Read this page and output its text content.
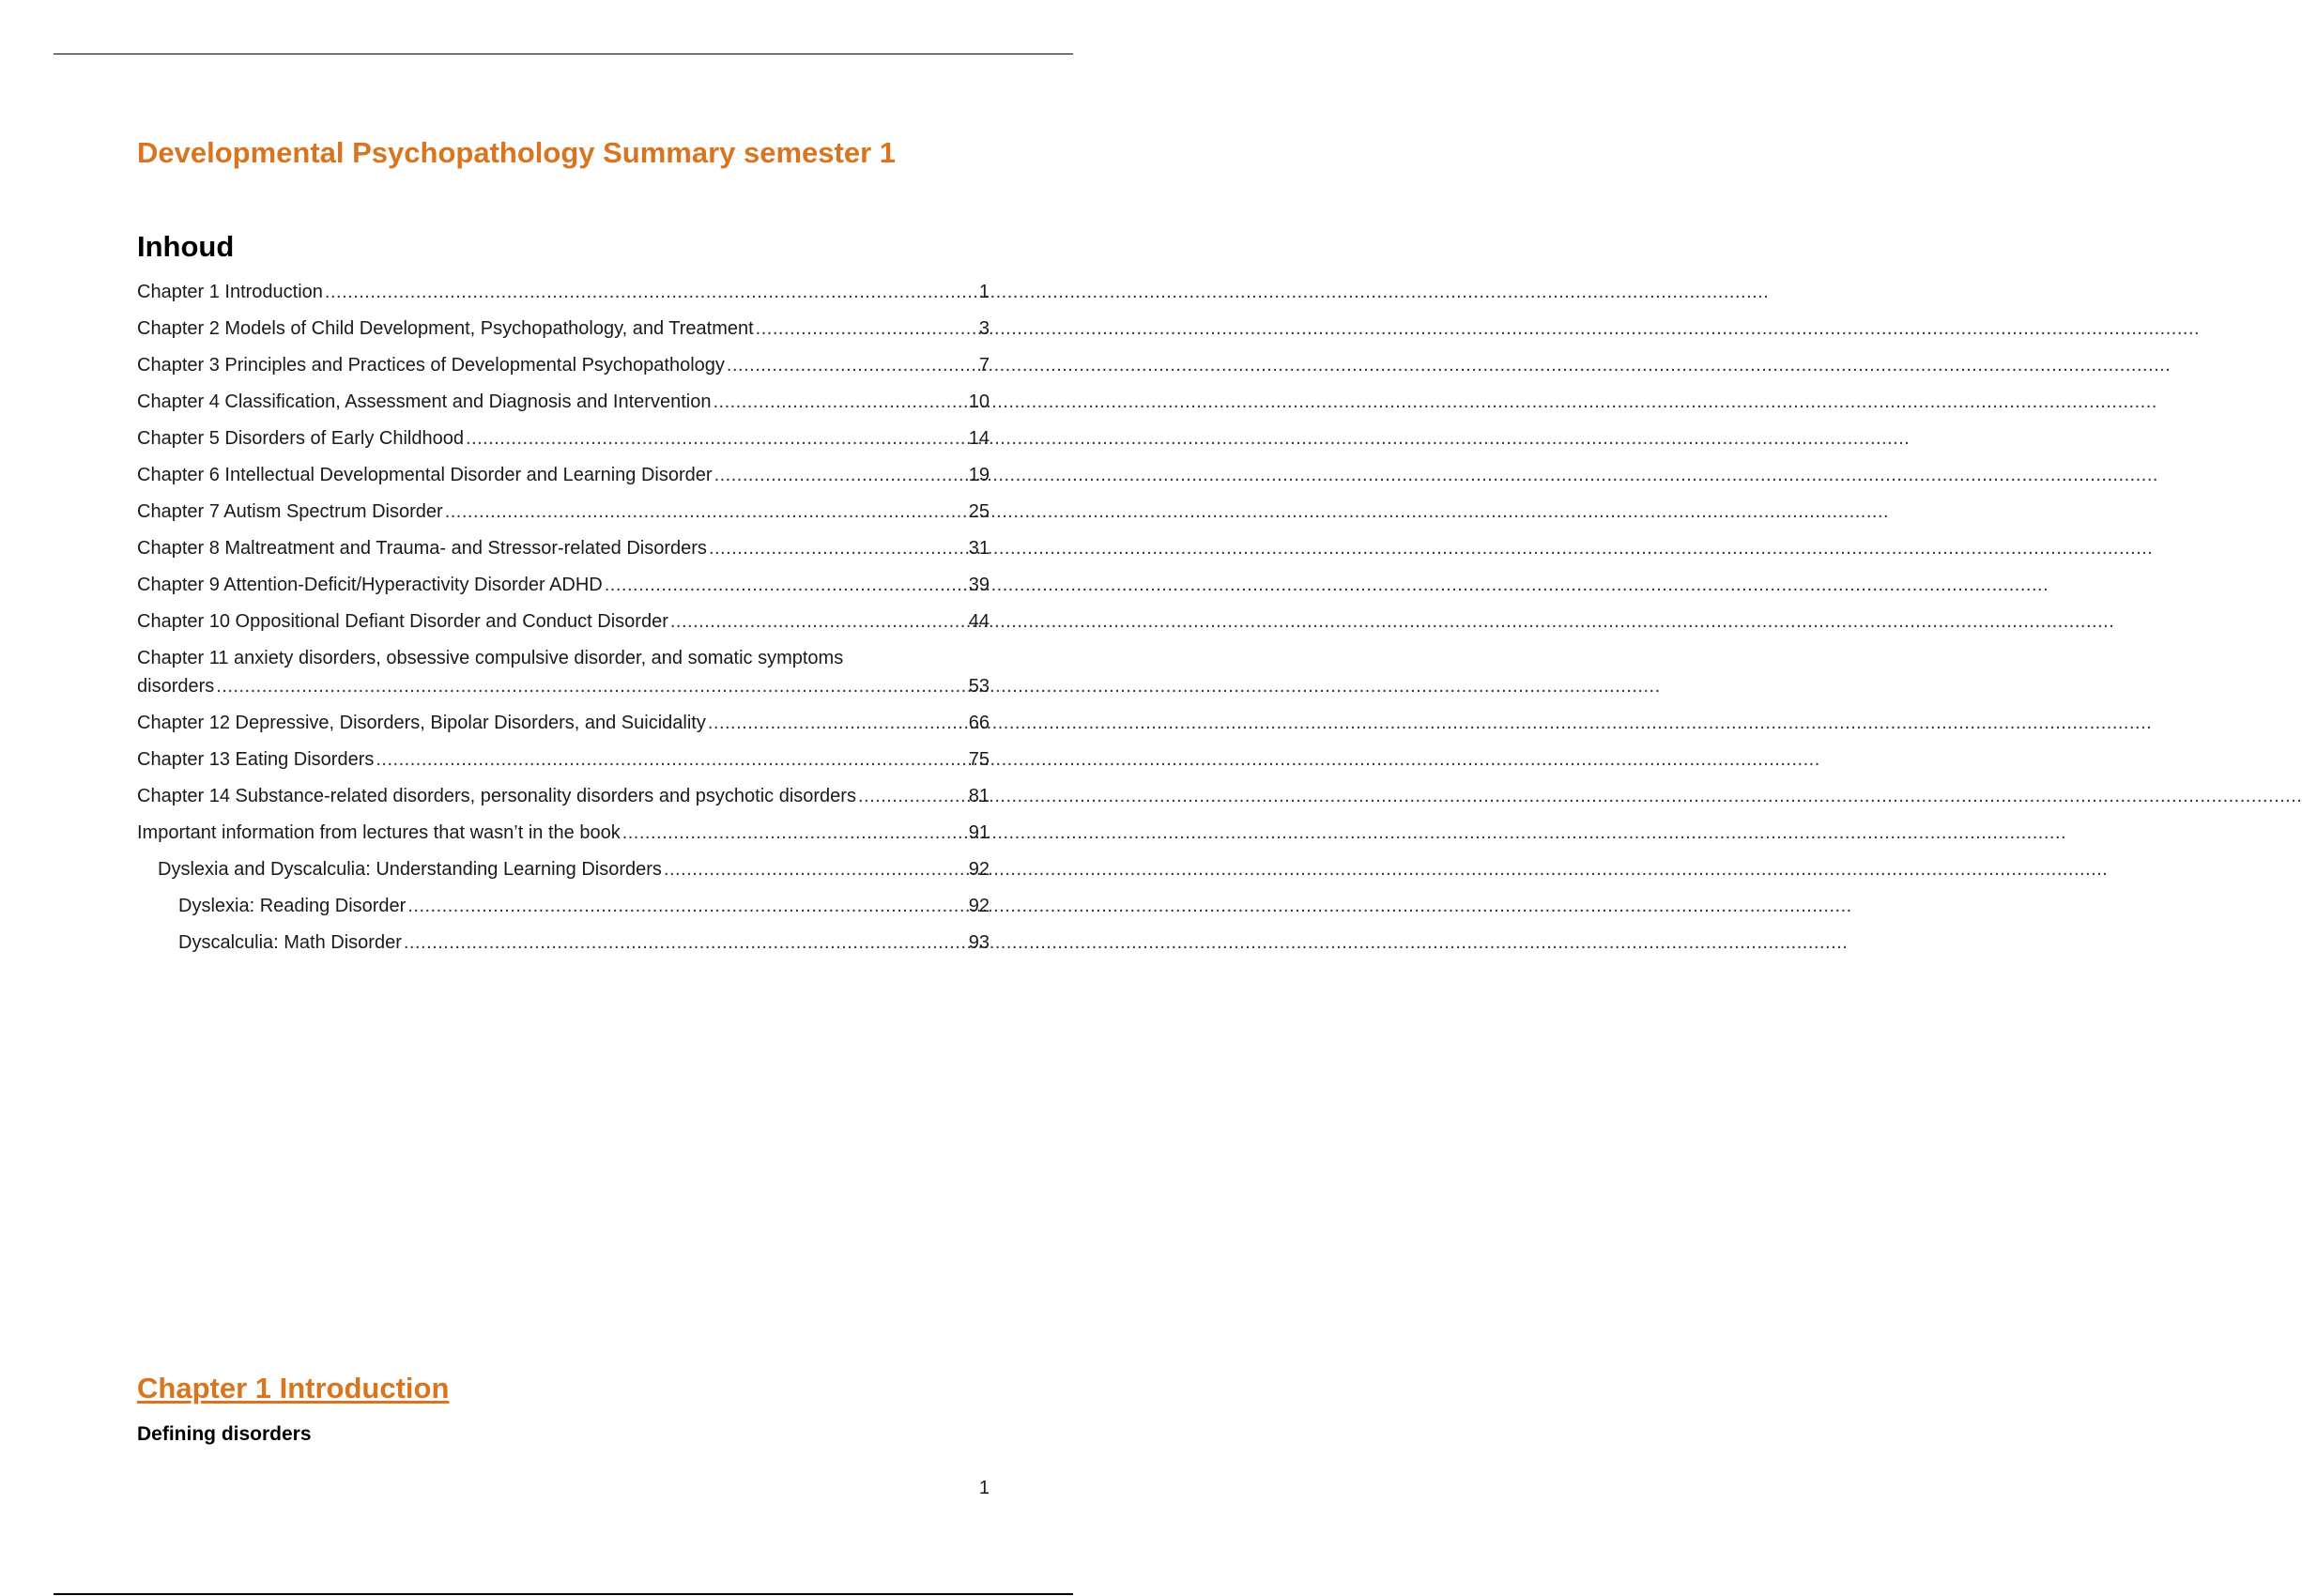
Developmental Psychopathology Summary semester 1
Inhoud
Chapter 1 Introduction .....	1
Chapter 2 Models of Child Development, Psychopathology, and Treatment .....	3
Chapter 3 Principles and Practices of Developmental Psychopathology .....	7
Chapter 4 Classification, Assessment and Diagnosis and Intervention .....	10
Chapter 5 Disorders of Early Childhood .....	14
Chapter 6 Intellectual Developmental Disorder and Learning Disorder .....	19
Chapter 7 Autism Spectrum Disorder .....	25
Chapter 8 Maltreatment and Trauma- and Stressor-related Disorders .....	31
Chapter 9 Attention-Deficit/Hyperactivity Disorder ADHD .....	39
Chapter 10 Oppositional Defiant Disorder and Conduct Disorder .....	44
Chapter 11 anxiety disorders, obsessive compulsive disorder, and somatic symptoms
disorders .....	53
Chapter 12 Depressive, Disorders, Bipolar Disorders, and Suicidality .....	66
Chapter 13 Eating Disorders .....	75
Chapter 14 Substance-related disorders, personality disorders and psychotic disorders .....	81
Important information from lectures that wasn’t in the book .....	91
Dyslexia and Dyscalculia: Understanding Learning Disorders .....	92
Dyslexia: Reading Disorder .....	92
Dyscalculia: Math Disorder .....	93
Chapter 1 Introduction
Defining disorders
1
